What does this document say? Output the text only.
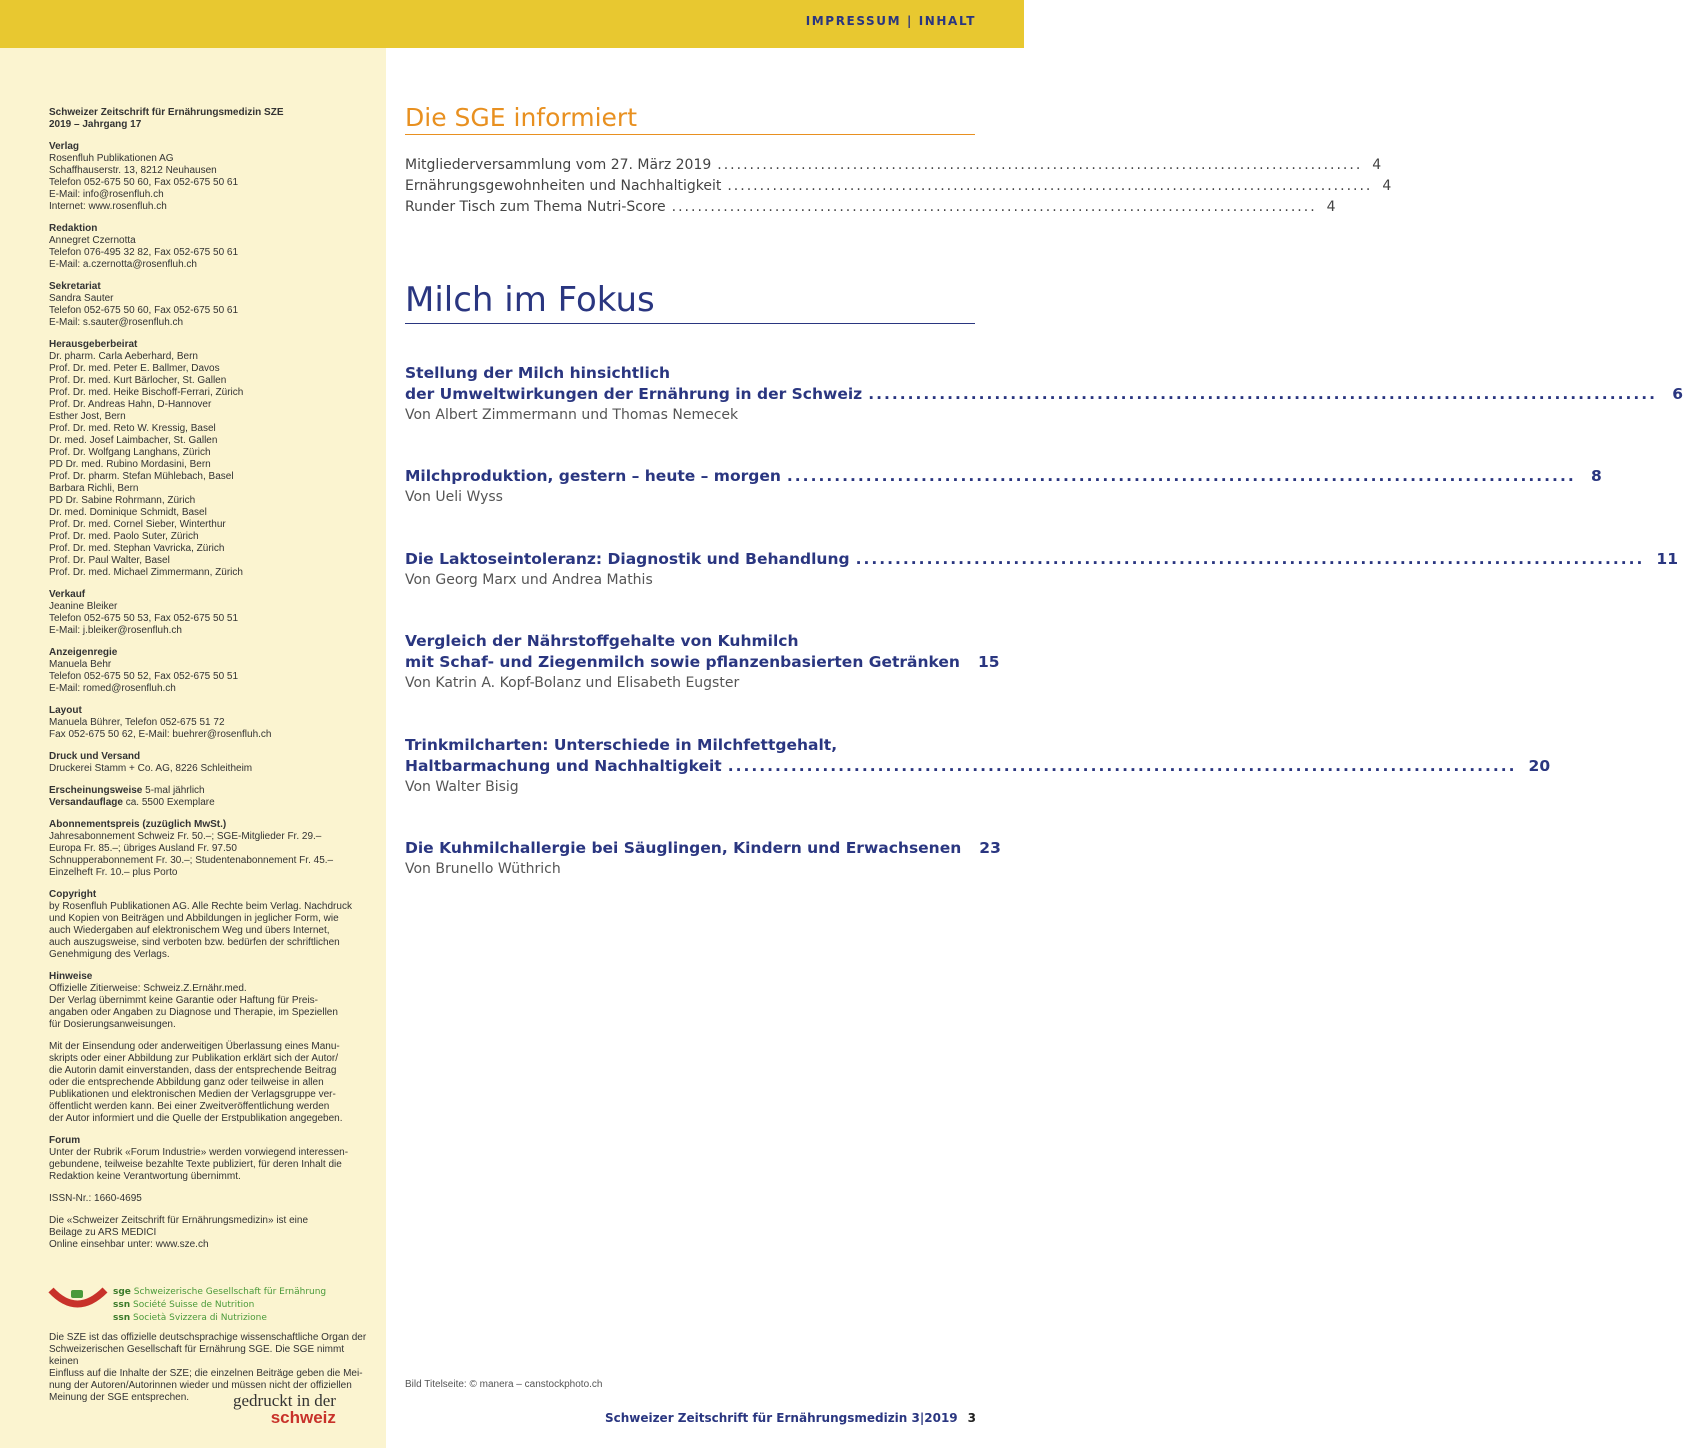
IMPRESSUM | INHALT
Schweizer Zeitschrift für Ernährungsmedizin SZE
2019 – Jahrgang 17
Verlag

Rosenfluh Publikationen AG
Schaffhauserstr. 13, 8212 Neuhausen
Telefon 052-675 50 60, Fax 052-675 50 61
E-Mail: info@rosenfluh.ch
Internet: www.rosenfluh.ch

Redaktion

Annegret Czernotta
Telefon 076-495 32 82, Fax 052-675 50 61
E-Mail: a.czernotta@rosenfluh.ch

Sekretariat

Sandra Sauter
Telefon 052-675 50 60, Fax 052-675 50 61
E-Mail: s.sauter@rosenfluh.ch

Herausgeberbeirat

Dr. pharm. Carla Aeberhard, Bern
Prof. Dr. med. Peter E. Ballmer, Davos
Prof. Dr. med. Kurt Bärlocher, St. Gallen
Prof. Dr. med. Heike Bischoff-Ferrari, Zürich
Prof. Dr. Andreas Hahn, D-Hannover
Esther Jost, Bern
Prof. Dr. med. Reto W. Kressig, Basel
Dr. med. Josef Laimbacher, St. Gallen
Prof. Dr. Wolfgang Langhans, Zürich
PD Dr. med. Rubino Mordasini, Bern
Prof. Dr. pharm. Stefan Mühlebach, Basel
Barbara Richli, Bern
PD Dr. Sabine Rohrmann, Zürich
Dr. med. Dominique Schmidt, Basel
Prof. Dr. med. Cornel Sieber, Winterthur
Prof. Dr. med. Paolo Suter, Zürich
Prof. Dr. med. Stephan Vavricka, Zürich
Prof. Dr. Paul Walter, Basel
Prof. Dr. med. Michael Zimmermann, Zürich

Verkauf

Jeanine Bleiker
Telefon 052-675 50 53, Fax 052-675 50 51
E-Mail: j.bleiker@rosenfluh.ch

Anzeigenregie

Manuela Behr
Telefon 052-675 50 52, Fax 052-675 50 51
E-Mail: romed@rosenfluh.ch

Layout

Manuela Bührer, Telefon 052-675 51 72
Fax 052-675 50 62, E-Mail: buehrer@rosenfluh.ch

Druck und Versand

Druckerei Stamm + Co. AG, 8226 Schleitheim

Erscheinungsweise 5-mal jährlich
Versandauflage ca. 5500 Exemplare
Abonnementspreis (zuzüglich MwSt.)

Jahresabonnement Schweiz Fr. 50.–; SGE-Mitglieder Fr. 29.–
Europa Fr. 85.–; übriges Ausland Fr. 97.50
Schnupperabonnement Fr. 30.–; Studentenabonnement Fr. 45.–
Einzelheft Fr. 10.– plus Porto

Copyright

by Rosenfluh Publikationen AG. Alle Rechte beim Verlag. Nachdruck
und Kopien von Beiträgen und Abbildungen in jeglicher Form, wie
auch Wiedergaben auf elektronischem Weg und übers Internet,
auch auszugsweise, sind verboten bzw. bedürfen der schriftlichen
Genehmigung des Verlags.

Hinweise

Offizielle Zitierweise: Schweiz.Z.Ernähr.med.
Der Verlag übernimmt keine Garantie oder Haftung für Preis-
angaben oder Angaben zu Diagnose und Therapie, im Speziellen
für Dosierungsanweisungen.

Mit der Einsendung oder anderweitigen Überlassung eines Manu-
skripts oder einer Abbildung zur Publikation erklärt sich der Autor/
die Autorin damit einverstanden, dass der entsprechende Beitrag
oder die entsprechende Abbildung ganz oder teilweise in allen
Publikationen und elektronischen Medien der Verlagsgruppe ver-
öffentlicht werden kann. Bei einer Zweitveröffentlichung werden
der Autor informiert und die Quelle der Erstpublikation angegeben.

Forum

Unter der Rubrik «Forum Industrie» werden vorwiegend interessen-
gebundene, teilweise bezahlte Texte publiziert, für deren Inhalt die
Redaktion keine Verantwortung übernimmt.

ISSN-Nr.: 1660-4695

Die «Schweizer Zeitschrift für Ernährungsmedizin» ist eine
Beilage zu ARS MEDICI
Online einsehbar unter: www.sze.ch

sge Schweizerische Gesellschaft für Ernährung
ssn Société Suisse de Nutrition
ssn Società Svizzera di Nutrizione

Die SZE ist das offizielle deutschsprachige wissenschaftliche Organ der
Schweizerischen Gesellschaft für Ernährung SGE. Die SGE nimmt keinen
Einfluss auf die Inhalte der SZE; die einzelnen Beiträge geben die Mei-
nung der Autoren/Autorinnen wieder und müssen nicht der offiziellen
Meinung der SGE entsprechen.	gedruckt in der
schweiz
Die SGE informiert
Mitgliederversammlung vom 27. März 2019 .................................................................................................... 4
Ernährungsgewohnheiten und Nachhaltigkeit .................................................................................................... 4
Runder Tisch zum Thema Nutri-Score .................................................................................................... 4
Milch im Fokus
Stellung der Milch hinsichtlich
der Umweltwirkungen der Ernährung in der Schweiz .................................................................................................... 6
Von Albert Zimmermann und Thomas Nemecek
Milchproduktion, gestern – heute – morgen .................................................................................................... 8
Von Ueli Wyss
Die Laktoseintoleranz: Diagnostik und Behandlung .................................................................................................... 11
Von Georg Marx und Andrea Mathis
Vergleich der Nährstoffgehalte von Kuhmilch
mit Schaf- und Ziegenmilch sowie pflanzenbasierten Getränken 15
Von Katrin A. Kopf-Bolanz und Elisabeth Eugster
Trinkmilcharten: Unterschiede in Milchfettgehalt,
Haltbarmachung und Nachhaltigkeit .................................................................................................... 20
Von Walter Bisig
Die Kuhmilchallergie bei Säuglingen, Kindern und Erwachsenen 23
Von Brunello Wüthrich
Bild Titelseite: © manera – canstockphoto.ch
Schweizer Zeitschrift für Ernährungsmedizin 3|2019 3
